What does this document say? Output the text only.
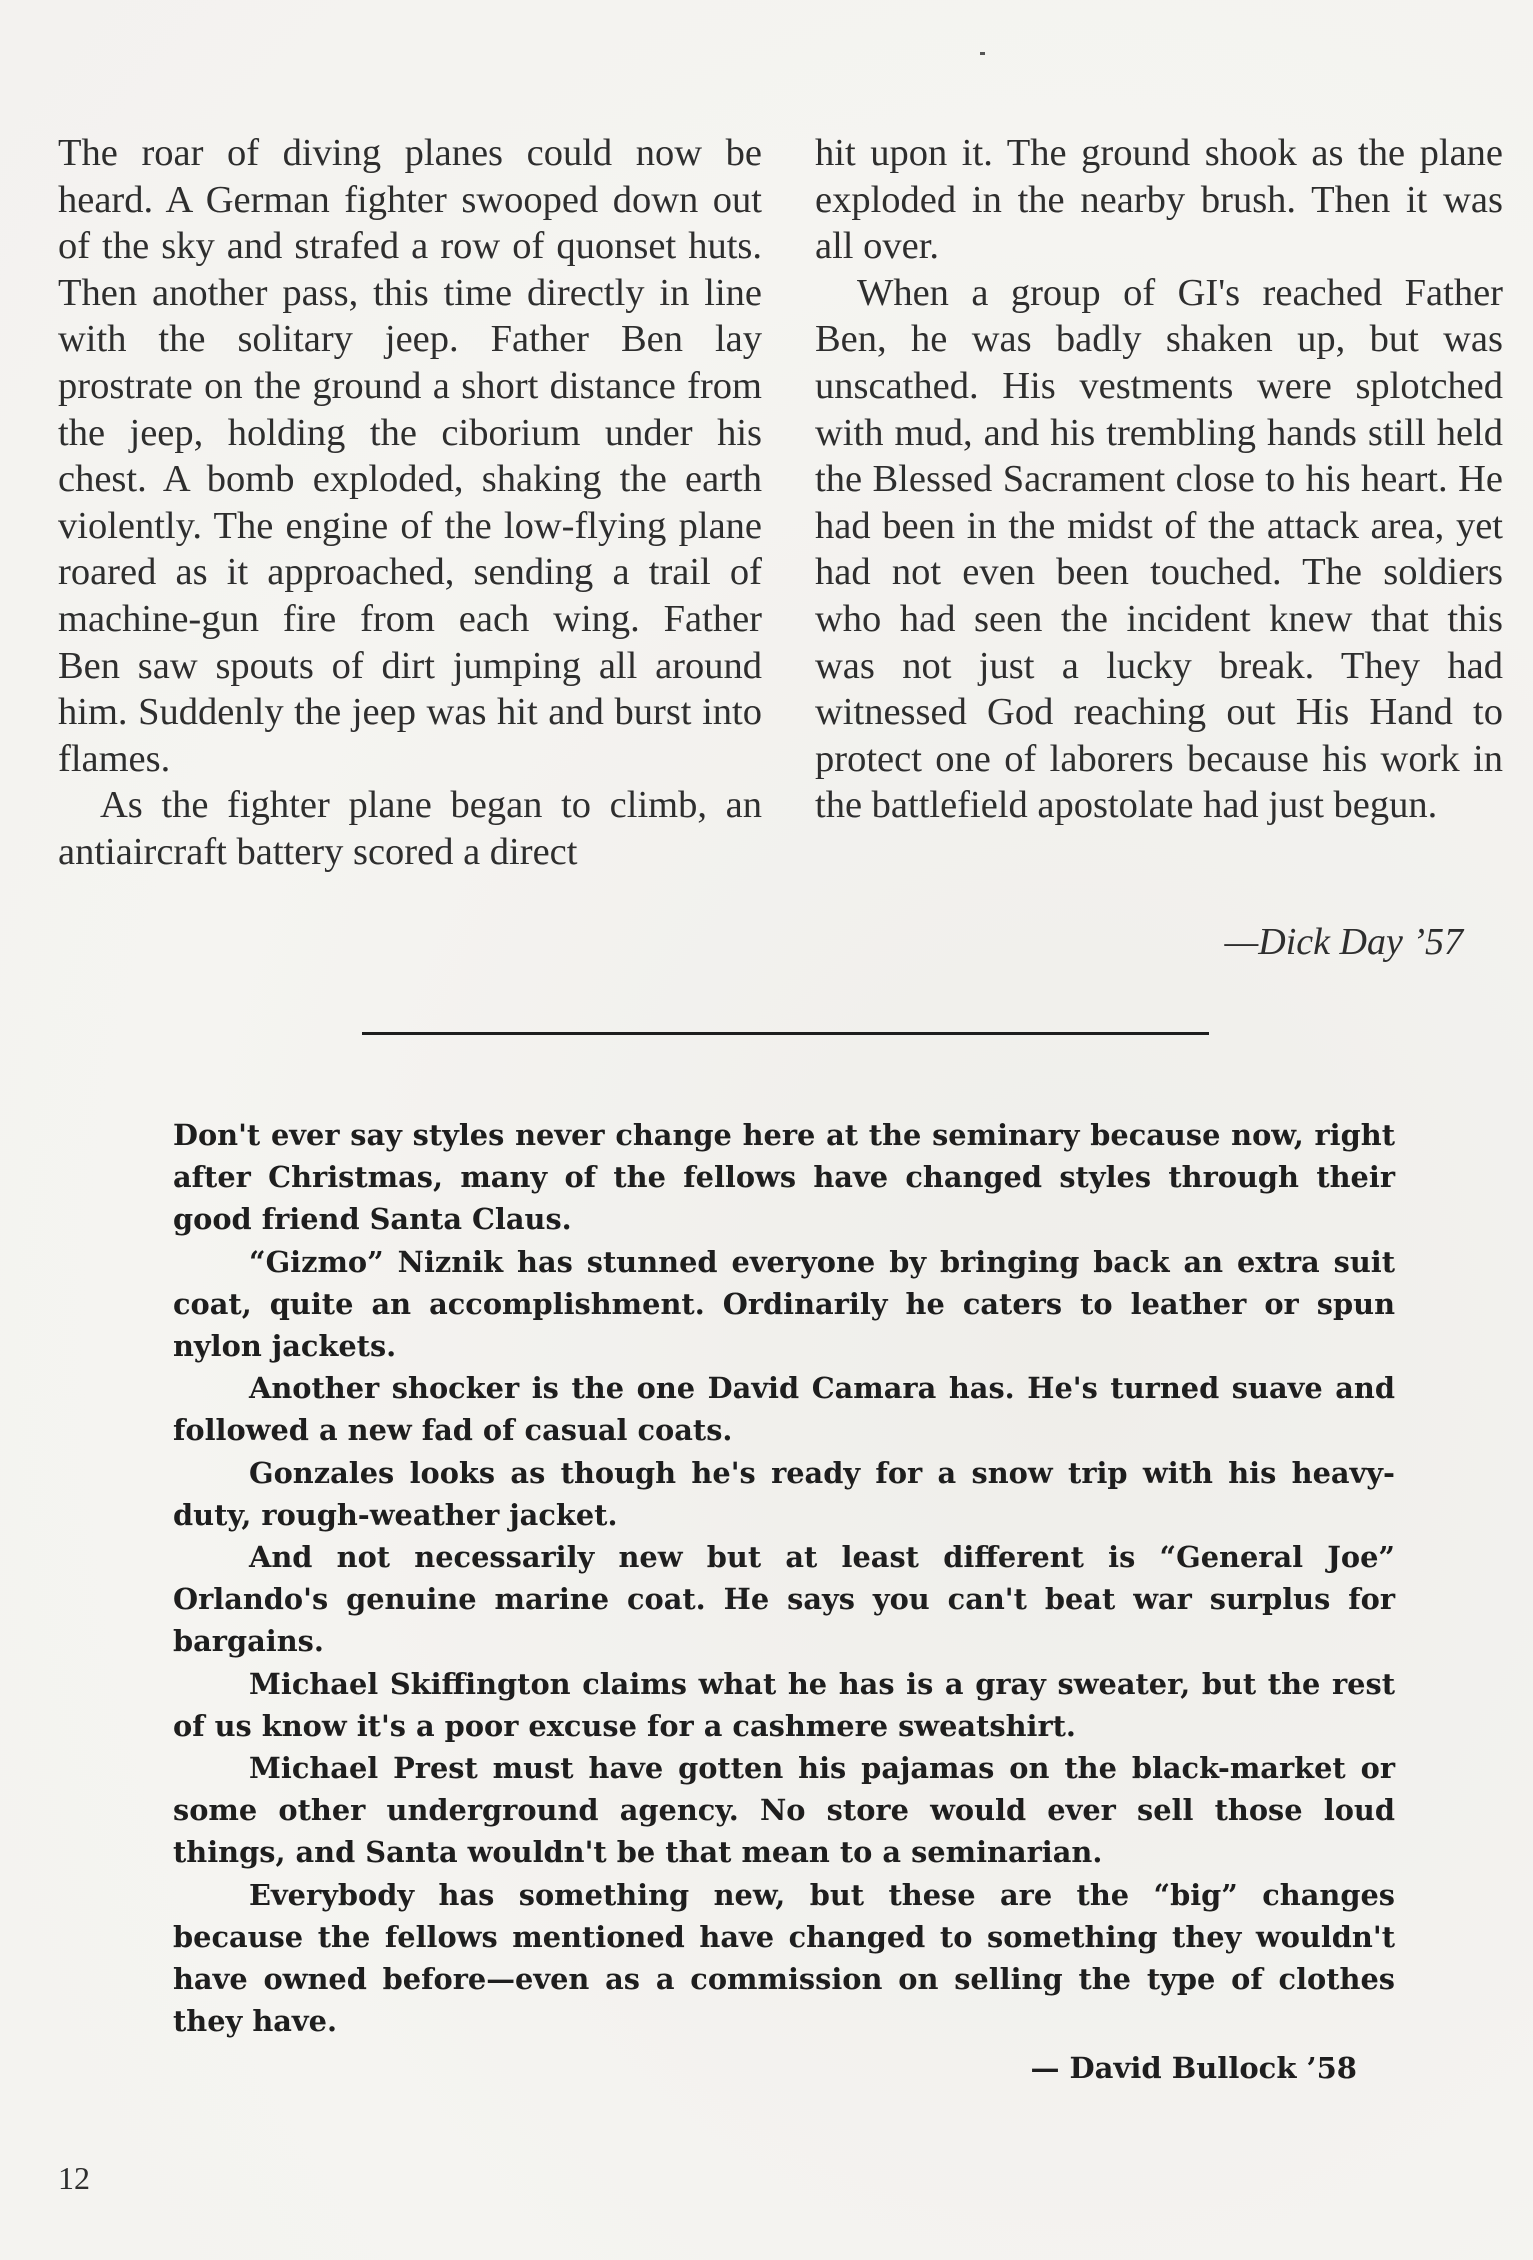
The roar of diving planes could now be heard. A German fighter swooped down out of the sky and strafed a row of quonset huts. Then another pass, this time directly in line with the solitary jeep. Father Ben lay prostrate on the ground a short distance from the jeep, holding the ciborium under his chest. A bomb exploded, shaking the earth violently. The engine of the low-flying plane roared as it approached, sending a trail of machine-gun fire from each wing. Father Ben saw spouts of dirt jumping all around him. Suddenly the jeep was hit and burst into flames.

As the fighter plane began to climb, an antiaircraft battery scored a direct

hit upon it. The ground shook as the plane exploded in the nearby brush. Then it was all over.

When a group of GI's reached Father Ben, he was badly shaken up, but was unscathed. His vestments were splotched with mud, and his trembling hands still held the Blessed Sacrament close to his heart. He had been in the midst of the attack area, yet had not even been touched. The soldiers who had seen the incident knew that this was not just a lucky break. They had witnessed God reaching out His Hand to protect one of laborers because his work in the battlefield apostolate had just begun.

—Dick Day ’57

Don't ever say styles never change here at the seminary because now, right after Christmas, many of the fellows have changed styles through their good friend Santa Claus.

“Gizmo” Niznik has stunned everyone by bringing back an extra suit coat, quite an accomplishment. Ordinarily he caters to leather or spun nylon jackets.

Another shocker is the one David Camara has. He's turned suave and followed a new fad of casual coats.

Gonzales looks as though he's ready for a snow trip with his heavy-duty, rough-weather jacket.

And not necessarily new but at least different is “General Joe” Orlando's genuine marine coat. He says you can't beat war surplus for bargains.

Michael Skiffington claims what he has is a gray sweater, but the rest of us know it's a poor excuse for a cashmere sweatshirt.

Michael Prest must have gotten his pajamas on the black-market or some other underground agency. No store would ever sell those loud things, and Santa wouldn't be that mean to a seminarian.

Everybody has something new, but these are the “big” changes because the fellows mentioned have changed to something they wouldn't have owned before—even as a commission on selling the type of clothes they have.

— David Bullock ’58
12
